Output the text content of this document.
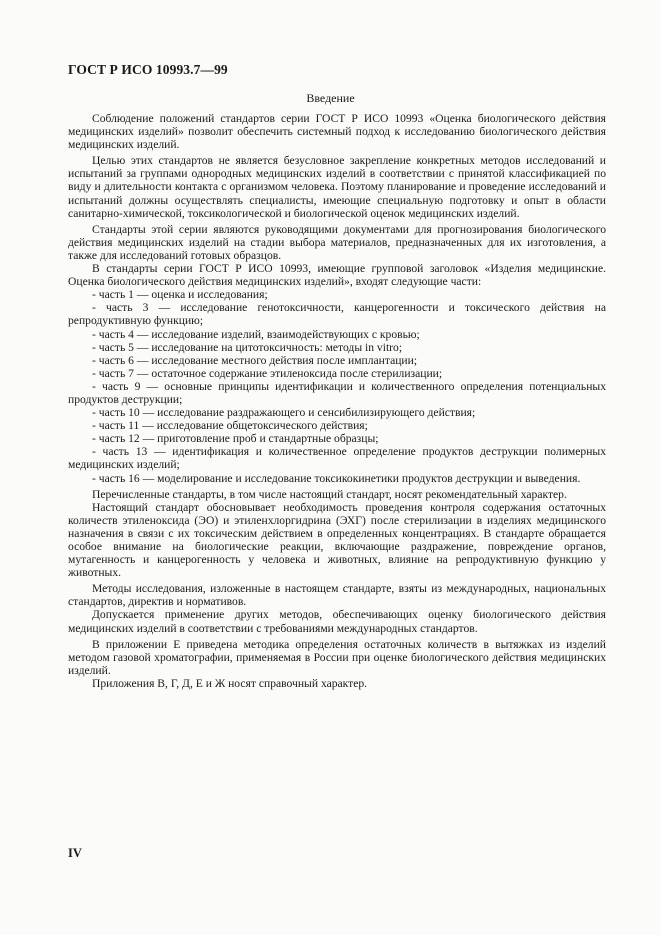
ГОСТ Р ИСО 10993.7—99
Введение

Соблюдение положений стандартов серии ГОСТ Р ИСО 10993 «Оценка биологического действия медицинских изделий» позволит обеспечить системный подход к исследованию биологического действия медицинских изделий.

Целью этих стандартов не является безусловное закрепление конкретных методов исследований и испытаний за группами однородных медицинских изделий в соответствии с принятой классификацией по виду и длительности контакта с организмом человека. Поэтому планирование и проведение исследований и испытаний должны осуществлять специалисты, имеющие специальную подготовку и опыт в области санитарно-химической, токсикологической и биологической оценок медицинских изделий.

Стандарты этой серии являются руководящими документами для прогнозирования биологического действия медицинских изделий на стадии выбора материалов, предназначенных для их изготовления, а также для исследований готовых образцов.

В стандарты серии ГОСТ Р ИСО 10993, имеющие групповой заголовок «Изделия медицинские. Оценка биологического действия медицинских изделий», входят следующие части:

- часть 1 — оценка и исследования;

- часть 3 — исследование генотоксичности, канцерогенности и токсического действия на репродуктивную функцию;

- часть 4 — исследование изделий, взаимодействующих с кровью;

- часть 5 — исследование на цитотоксичность: методы in vitro;

- часть 6 — исследование местного действия после имплантации;

- часть 7 — остаточное содержание этиленоксида после стерилизации;

- часть 9 — основные принципы идентификации и количественного определения потенциальных продуктов деструкции;

- часть 10 — исследование раздражающего и сенсибилизирующего действия;

- часть 11 — исследование общетоксического действия;

- часть 12 — приготовление проб и стандартные образцы;

- часть 13 — идентификация и количественное определение продуктов деструкции полимерных медицинских изделий;

- часть 16 — моделирование и исследование токсикокинетики продуктов деструкции и выведения.

Перечисленные стандарты, в том числе настоящий стандарт, носят рекомендательный характер.

Настоящий стандарт обосновывает необходимость проведения контроля содержания остаточных количеств этиленоксида (ЭО) и этиленхлоргидрина (ЭХГ) после стерилизации в изделиях медицинского назначения в связи с их токсическим действием в определенных концентрациях. В стандарте обращается особое внимание на биологические реакции, включающие раздражение, повреждение органов, мутагенность и канцерогенность у человека и животных, влияние на репродуктивную функцию у животных.

Методы исследования, изложенные в настоящем стандарте, взяты из международных, национальных стандартов, директив и нормативов.

Допускается применение других методов, обеспечивающих оценку биологического действия медицинских изделий в соответствии с требованиями международных стандартов.

В приложении Е приведена методика определения остаточных количеств в вытяжках из изделий методом газовой хроматографии, применяемая в России при оценке биологического действия медицинских изделий.

Приложения В, Г, Д, Е и Ж носят справочный характер.

IV
